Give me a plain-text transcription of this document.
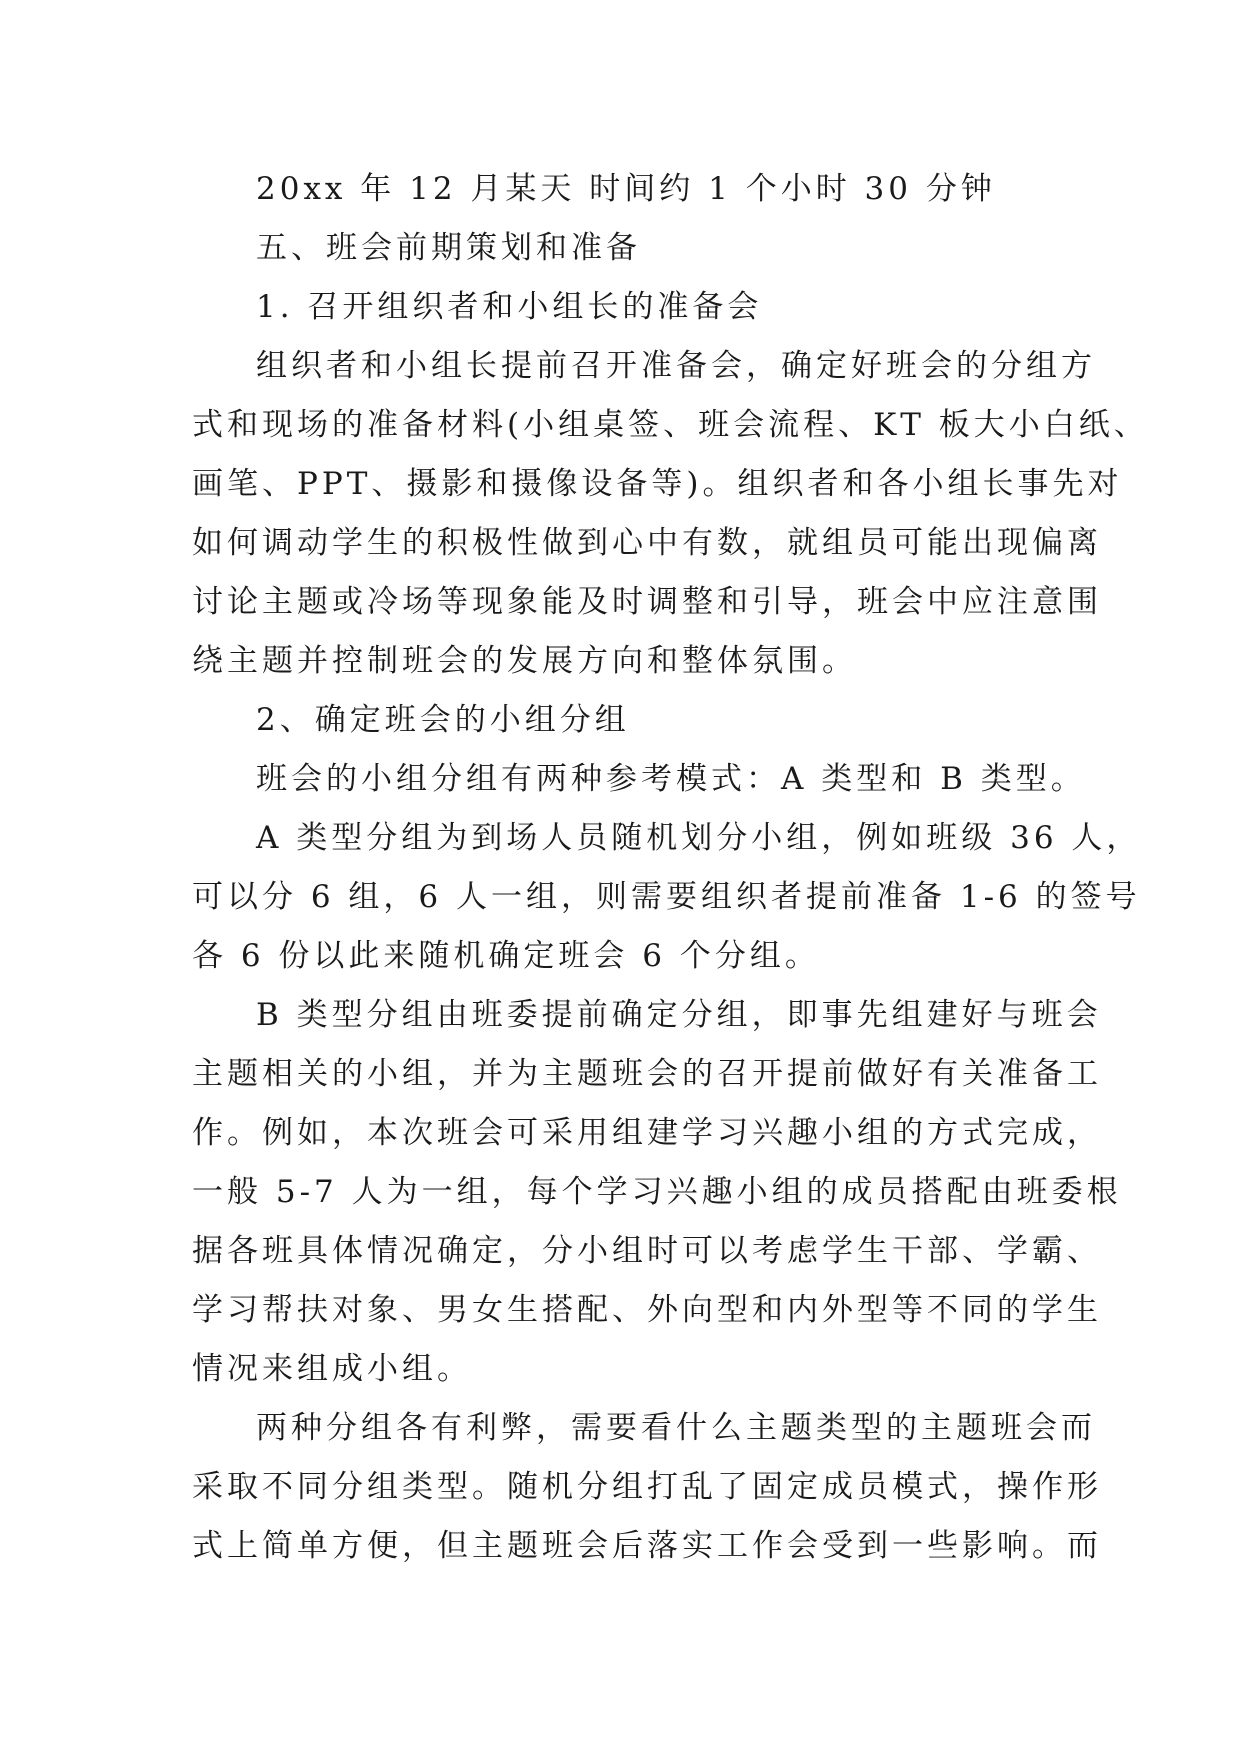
20xx 年 12 月某天 时间约 1 个小时 30 分钟
五、班会前期策划和准备
1. 召开组织者和小组长的准备会
组织者和小组长提前召开准备会，确定好班会的分组方
式和现场的准备材料(小组桌签、班会流程、KT 板大小白纸、
画笔、PPT、摄影和摄像设备等)。组织者和各小组长事先对
如何调动学生的积极性做到心中有数，就组员可能出现偏离
讨论主题或冷场等现象能及时调整和引导，班会中应注意围
绕主题并控制班会的发展方向和整体氛围。
2、确定班会的小组分组
班会的小组分组有两种参考模式：A 类型和 B 类型。
A 类型分组为到场人员随机划分小组，例如班级 36 人，
可以分 6 组，6 人一组，则需要组织者提前准备 1-6 的签号
各 6 份以此来随机确定班会 6 个分组。
B 类型分组由班委提前确定分组，即事先组建好与班会
主题相关的小组，并为主题班会的召开提前做好有关准备工
作。例如，本次班会可采用组建学习兴趣小组的方式完成，
一般 5-7 人为一组，每个学习兴趣小组的成员搭配由班委根
据各班具体情况确定，分小组时可以考虑学生干部、学霸、
学习帮扶对象、男女生搭配、外向型和内外型等不同的学生
情况来组成小组。
两种分组各有利弊，需要看什么主题类型的主题班会而
采取不同分组类型。随机分组打乱了固定成员模式，操作形
式上简单方便，但主题班会后落实工作会受到一些影响。而
